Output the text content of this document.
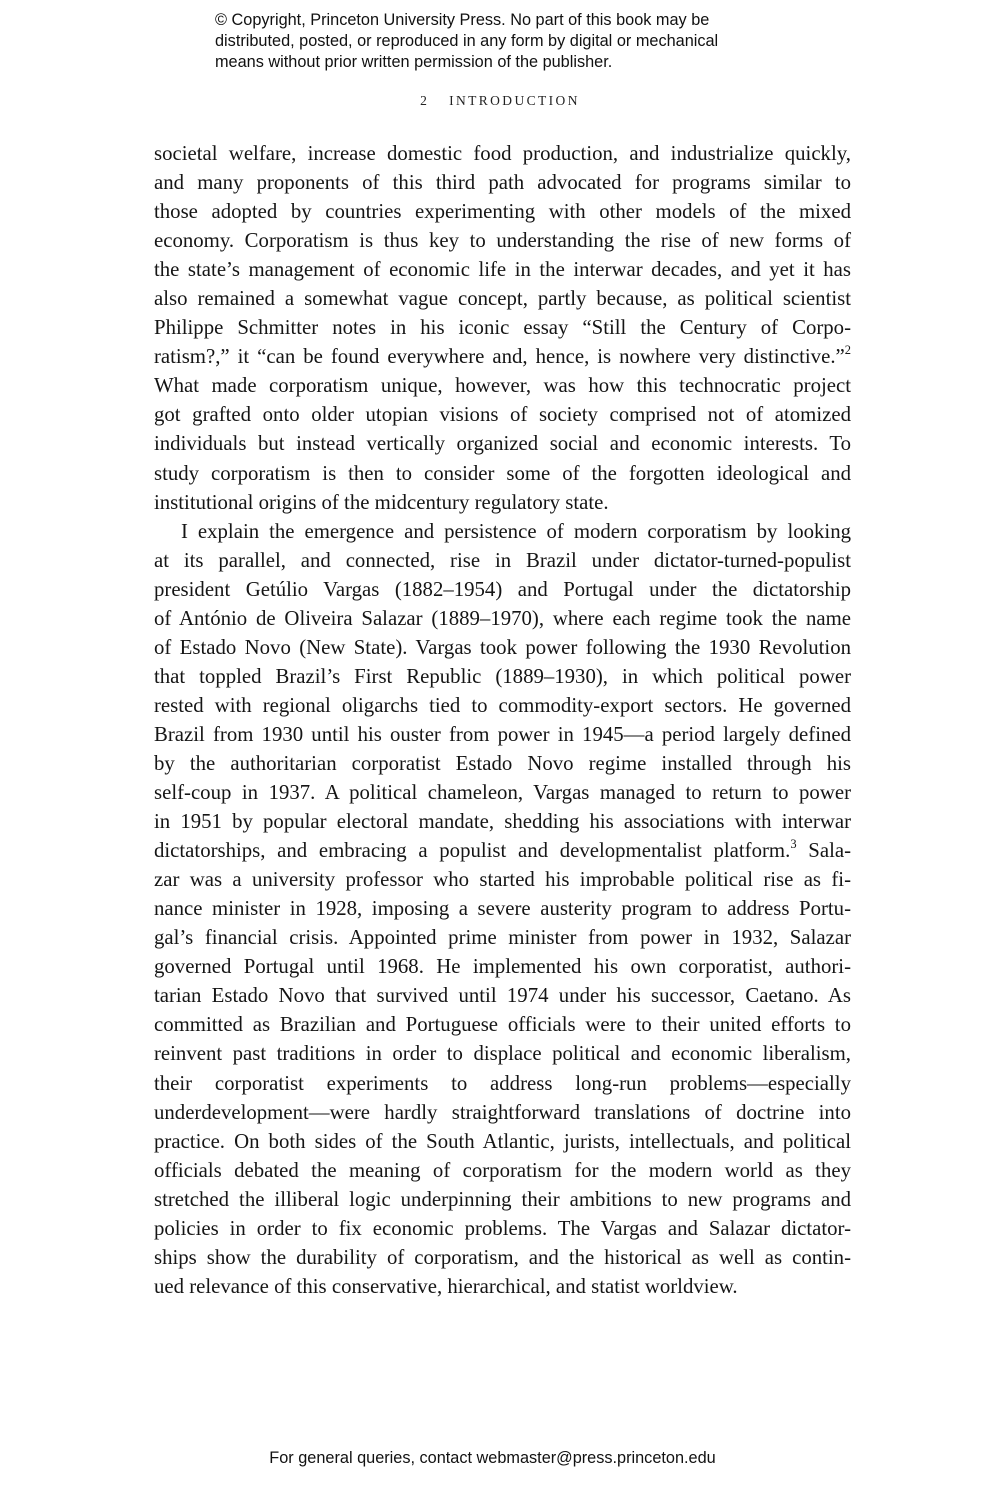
© Copyright, Princeton University Press. No part of this book may be
distributed, posted, or reproduced in any form by digital or mechanical
means without prior written permission of the publisher.
2 INTRODUCTION
societal welfare, increase domestic food production, and industrialize quickly,
and many proponents of this third path advocated for programs similar to
those adopted by countries experimenting with other models of the mixed
economy. Corporatism is thus key to understanding the rise of new forms of
the state’s management of economic life in the interwar decades, and yet it has
also remained a somewhat vague concept, partly because, as political scientist
Philippe Schmitter notes in his iconic essay “Still the Century of Corpo-
ratism?,” it “can be found everywhere and, hence, is nowhere very distinctive.”$^2$
What made corporatism unique, however, was how this technocratic project
got grafted onto older utopian visions of society comprised not of atomized
individuals but instead vertically organized social and economic interests. To
study corporatism is then to consider some of the forgotten ideological and
institutional origins of the midcentury regulatory state.
I explain the emergence and persistence of modern corporatism by looking
at its parallel, and connected, rise in Brazil under dictator-turned-populist
president Getúlio Vargas (1882–1954) and Portugal under the dictatorship
of António de Oliveira Salazar (1889–1970), where each regime took the name
of Estado Novo (New State). Vargas took power following the 1930 Revolution
that toppled Brazil’s First Republic (1889–1930), in which political power
rested with regional oligarchs tied to commodity-export sectors. He governed
Brazil from 1930 until his ouster from power in 1945—a period largely defined
by the authoritarian corporatist Estado Novo regime installed through his
self-coup in 1937. A political chameleon, Vargas managed to return to power
in 1951 by popular electoral mandate, shedding his associations with interwar
dictatorships, and embracing a populist and developmentalist platform.$^3$ Sala-
zar was a university professor who started his improbable political rise as fi-
nance minister in 1928, imposing a severe austerity program to address Portu-
gal’s financial crisis. Appointed prime minister from power in 1932, Salazar
governed Portugal until 1968. He implemented his own corporatist, authori-
tarian Estado Novo that survived until 1974 under his successor, Caetano. As
committed as Brazilian and Portuguese officials were to their united efforts to
reinvent past traditions in order to displace political and economic liberalism,
their corporatist experiments to address long-run problems—especially
underdevelopment—were hardly straightforward translations of doctrine into
practice. On both sides of the South Atlantic, jurists, intellectuals, and political
officials debated the meaning of corporatism for the modern world as they
stretched the illiberal logic underpinning their ambitions to new programs and
policies in order to fix economic problems. The Vargas and Salazar dictator-
ships show the durability of corporatism, and the historical as well as contin-
ued relevance of this conservative, hierarchical, and statist worldview.
For general queries, contact webmaster@press.princeton.edu
